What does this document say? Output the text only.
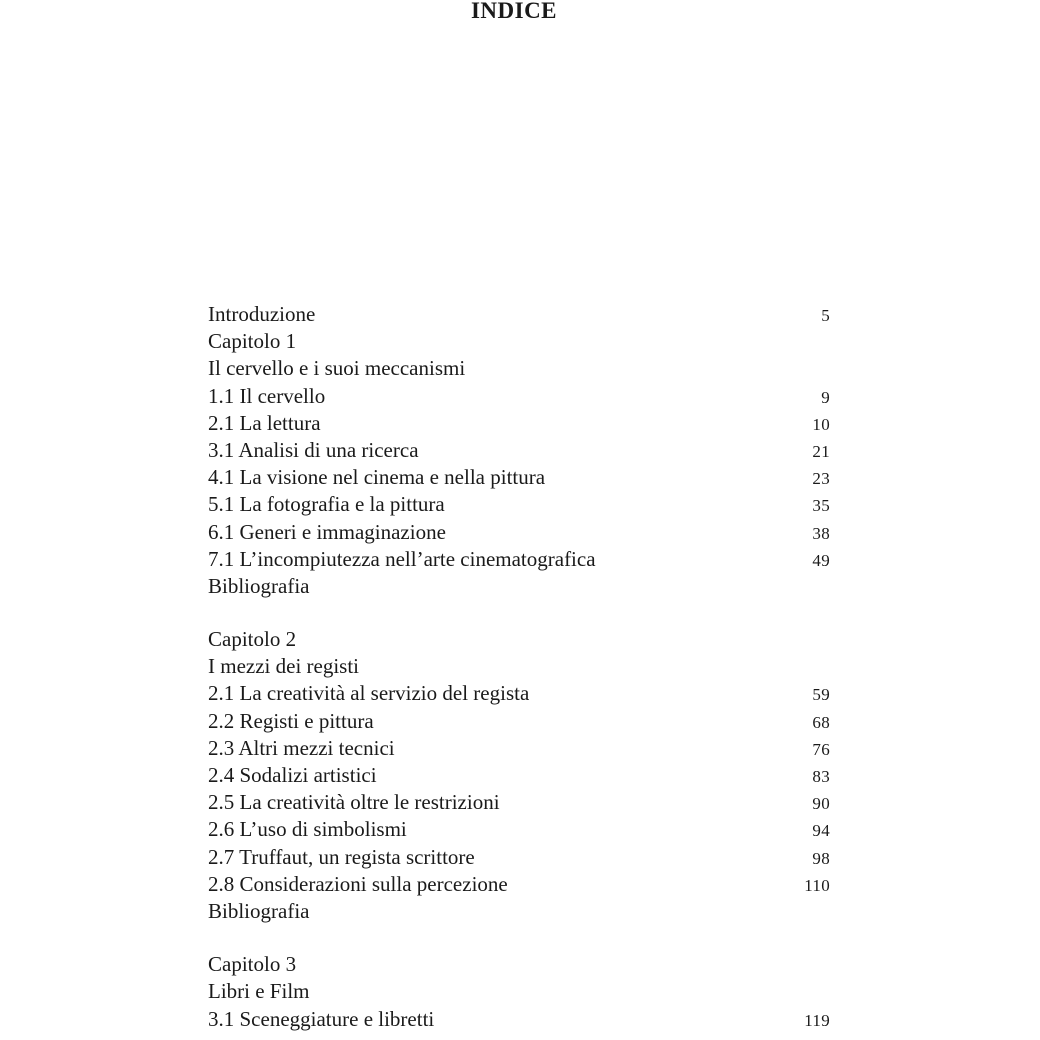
INDICE
Introduzione	5
Capitolo 1
Il cervello e i suoi meccanismi
1.1 Il cervello	9
2.1 La lettura	10
3.1 Analisi di una ricerca	21
4.1 La visione nel cinema e nella pittura	23
5.1 La fotografia e la pittura	35
6.1 Generi e immaginazione	38
7.1 L’incompiutezza nell’arte cinematografica	49
Bibliografia
Capitolo 2
I mezzi dei registi
2.1 La creatività al servizio del regista	59
2.2 Registi e pittura	68
2.3 Altri mezzi tecnici	76
2.4 Sodalizi artistici	83
2.5 La creatività oltre le restrizioni	90
2.6 L’uso di simbolismi	94
2.7 Truffaut, un regista scrittore	98
2.8 Considerazioni sulla percezione	110
Bibliografia
Capitolo 3
Libri e Film
3.1 Sceneggiature e libretti	119
